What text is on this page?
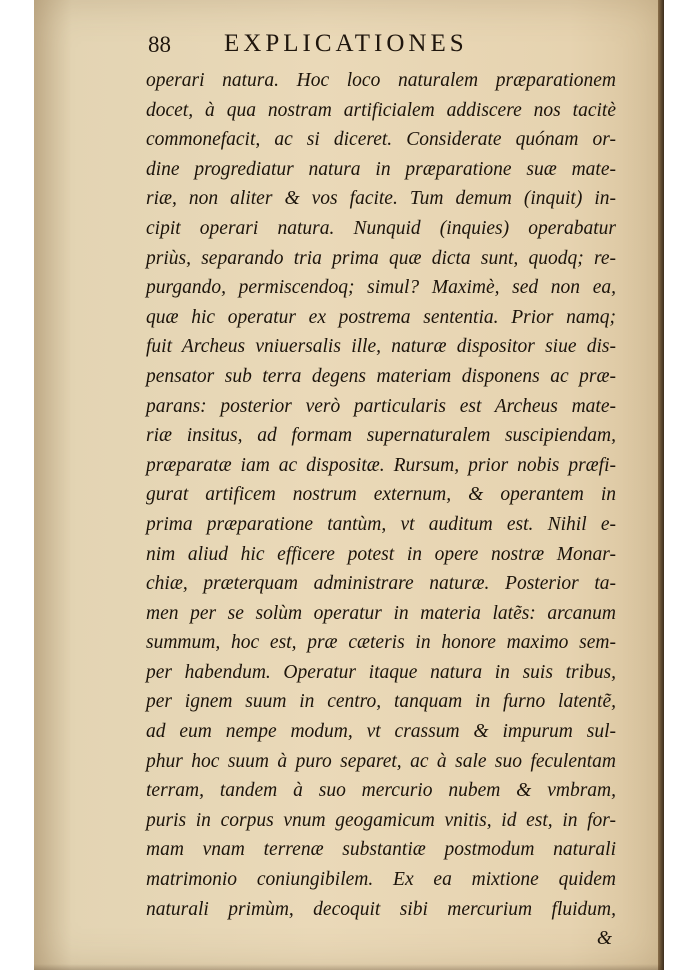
88 EXPLICATIONES
operari natura. Hoc loco naturalem præparationem
docet, à qua nostram artificialem addiscere nos tacitè
commonefacit, ac si diceret. Considerate quónam or-
dine progrediatur natura in præparatione suæ mate-
riæ, non aliter & vos facite. Tum demum (inquit) in-
cipit operari natura. Nunquid (inquies) operabatur
priùs, separando tria prima quæ dicta sunt, quodq; re-
purgando, permiscendoq; simul? Maximè, sed non ea,
quæ hic operatur ex postrema sententia. Prior namq;
fuit Archeus vniuersalis ille, naturæ dispositor siue dis-
pensator sub terra degens materiam disponens ac præ-
parans: posterior verò particularis est Archeus mate-
riæ insitus, ad formam supernaturalem suscipiendam,
præparatæ iam ac dispositæ. Rursum, prior nobis præfi-
gurat artificem nostrum externum, & operantem in
prima præparatione tantùm, vt auditum est. Nihil e-
nim aliud hic efficere potest in opere nostræ Monar-
chiæ, præterquam administrare naturæ. Posterior ta-
men per se solùm operatur in materia latẽs: arcanum
summum, hoc est, præ cæteris in honore maximo sem-
per habendum. Operatur itaque natura in suis tribus,
per ignem suum in centro, tanquam in furno latentẽ,
ad eum nempe modum, vt crassum & impurum sul-
phur hoc suum à puro separet, ac à sale suo feculentam
terram, tandem à suo mercurio nubem & vmbram,
puris in corpus vnum geogamicum vnitis, id est, in for-
mam vnam terrenæ substantiæ postmodum naturali
matrimonio coniungibilem. Ex ea mixtione quidem
naturali primùm, decoquit sibi mercurium fluidum,
&
